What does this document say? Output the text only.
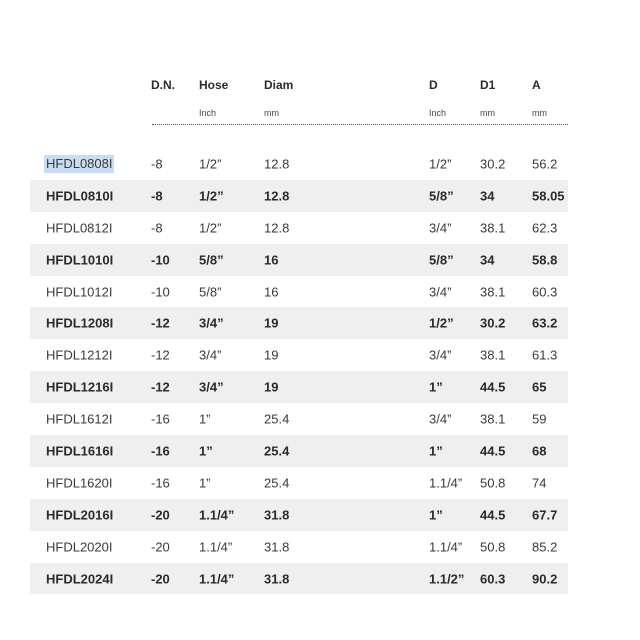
D.N. Hose	Diam	D	D1	A
Inch	mm	Inch	mm	mm
HFDL0808I	-8	1/2”	12.8	1/2” 30.2 56.2
HFDL0810I	-8	1/2”	12.8	5/8” 34	58.05
HFDL0812I	-8	1/2”	12.8	3/4” 38.1 62.3
HFDL1010I	-10 5/8”	16	5/8” 34	58.8
HFDL1012I	-10 5/8”	16	3/4” 38.1 60.3
HFDL1208I	-12 3/4”	19	1/2” 30.2 63.2
HFDL1212I	-12 3/4”	19	3/4” 38.1 61.3
HFDL1216I	-12 3/4”	19	1”	44.5 65
HFDL1612I	-16 1”	25.4	3/4” 38.1 59
HFDL1616I	-16 1”	25.4	1”	44.5 68
HFDL1620I	-16 1”	25.4	1.1/4” 50.8 74
HFDL2016I	-20 1.1/4” 31.8	1”	44.5 67.7
HFDL2020I	-20 1.1/4” 31.8	1.1/4” 50.8 85.2
HFDL2024I	-20 1.1/4” 31.8	1.1/2” 60.3 90.2
